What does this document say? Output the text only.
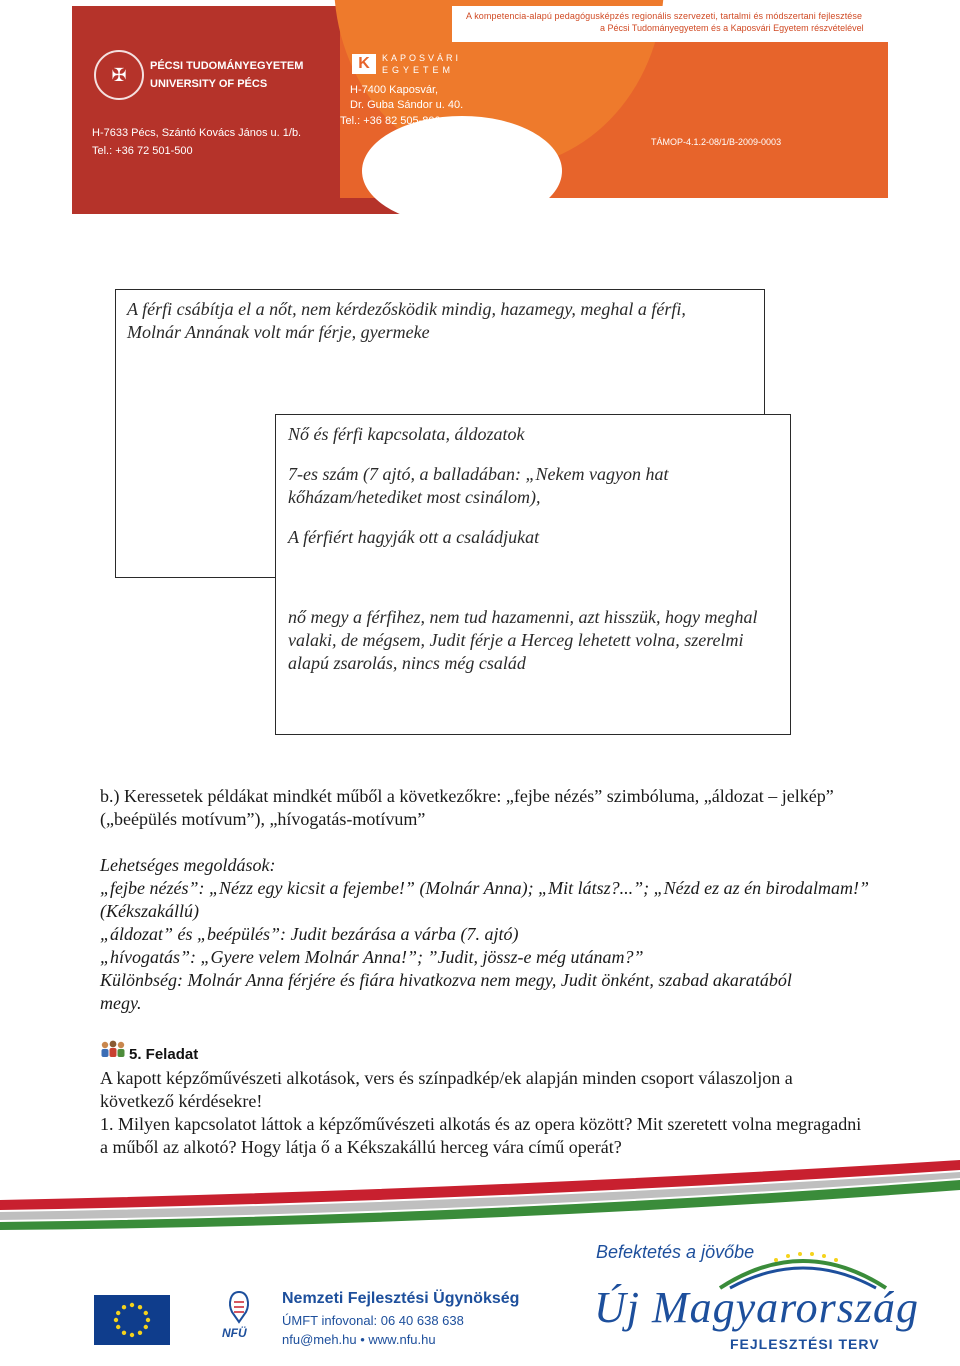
A kompetencia-alapú pedagógusképzés regionális szervezeti, tartalmi és módszertani fejlesztése
a Pécsi Tudományegyetem és a Kaposvári Egyetem részvételével
✠ PÉCSI TUDOMÁNYEGYETEM
UNIVERSITY OF PÉCS
H-7633 Pécs, Szántó Kovács János u. 1/b.
Tel.: +36 72 501-500
K	KAPOSVÁRI
EGYETEM
H-7400 Kaposvár,
Dr. Guba Sándor u. 40.
Tel.: +36 82 505-800
TÁMOP-4.1.2-08/1/B-2009-0003

A férfi csábítja el a nőt, nem kérdezősködik mindig, hazamegy, meghal a férfi, Molnár Annának volt már férje, gyermeke

Nő és férfi kapcsolata, áldozatok

7-es szám (7 ajtó, a balladában: „Nekem vagyon hat kőházam/hetediket most csinálom),

A férfiért hagyják ott a családjukat

nő megy a férfihez, nem tud hazamenni, azt hisszük, hogy meghal valaki, de mégsem, Judit férje a Herceg lehetett volna, szerelmi alapú zsarolás, nincs még család

b.) Keressetek példákat mindkét műből a következőkre: „fejbe nézés” szimbóluma, „áldozat – jelkép” („beépülés motívum”), „hívogatás-motívum”

Lehetséges megoldások:

„fejbe nézés”: „Nézz egy kicsit a fejembe!” (Molnár Anna); „Mit látsz?...”; „Nézd ez az én birodalmam!” (Kékszakállú)

„áldozat” és „beépülés”: Judit bezárása a várba (7. ajtó)

„hívogatás”: „Gyere velem Molnár Anna!”; ”Judit, jössz-e még utánam?”

Különbség: Molnár Anna férjére és fiára hivatkozva nem megy, Judit önként, szabad akaratából megy.

5. Feladat

A kapott képzőművészeti alkotások, vers és színpadkép/ek alapján minden csoport válaszoljon a következő kérdésekre!

1. Milyen kapcsolatot láttok a képzőművészeti alkotás és az opera között? Mit szeretett volna megragadni a műből az alkotó? Hogy látja ő a Kékszakállú herceg vára című operát?

NFÜ

Nemzeti Fejlesztési Ügynökség

ÚMFT infovonal: 06 40 638 638

nfu@meh.hu • www.nfu.hu

Befektetés a jövőbe

Új Magyarország

FEJLESZTÉSI TERV
